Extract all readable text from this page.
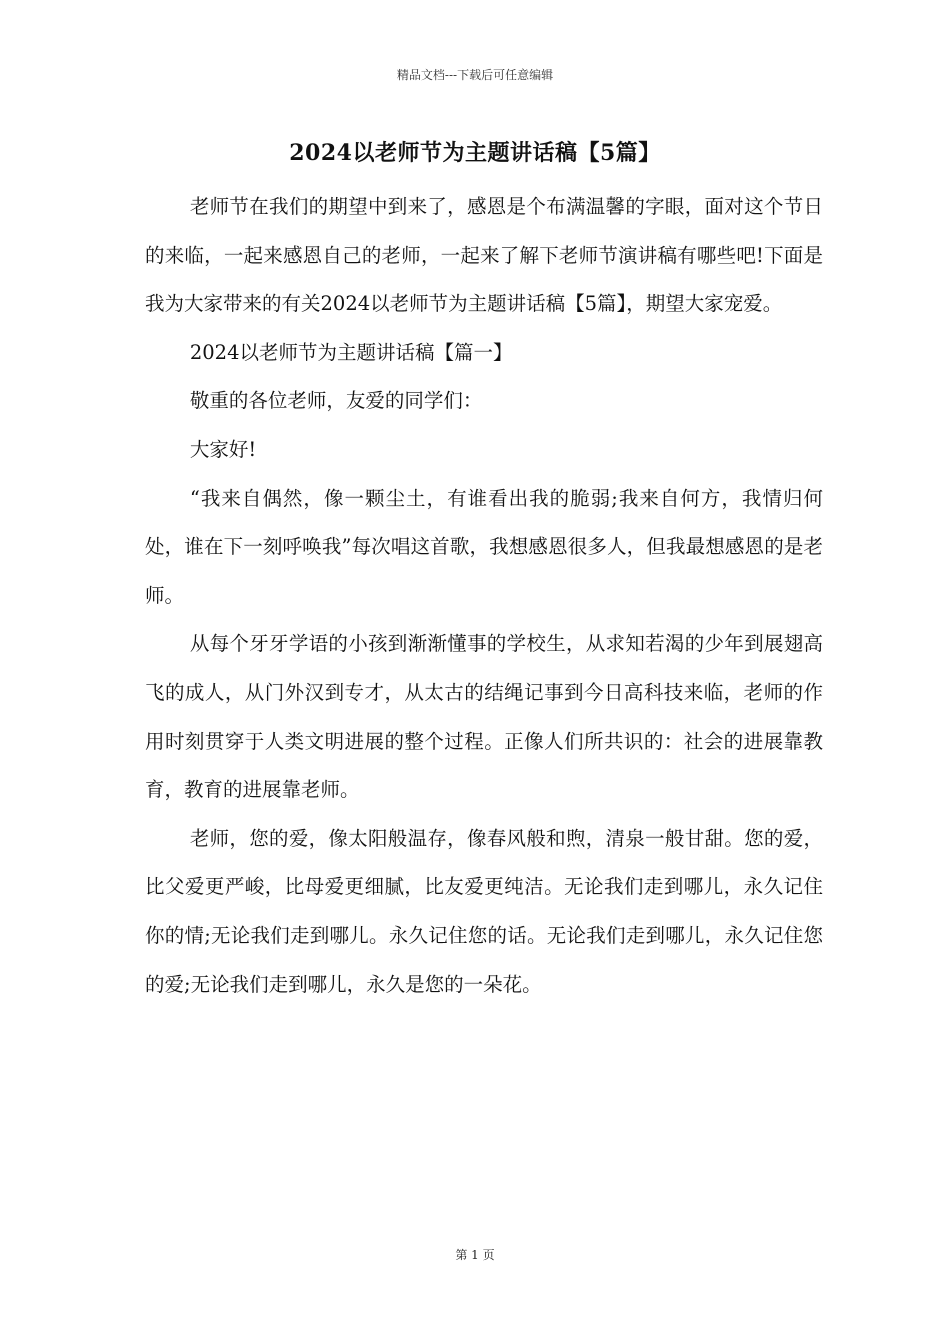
精品文档---下载后可任意编辑
2024以老师节为主题讲话稿【5篇】

老师节在我们的期望中到来了，感恩是个布满温馨的字眼，面对这个节日的来临，一起来感恩自己的老师，一起来了解下老师节演讲稿有哪些吧!下面是我为大家带来的有关2024以老师节为主题讲话稿【5篇】，期望大家宠爱。

2024以老师节为主题讲话稿【篇一】

敬重的各位老师，友爱的同学们：

大家好!

“我来自偶然，像一颗尘土，有谁看出我的脆弱;我来自何方，我情归何处，谁在下一刻呼唤我”每次唱这首歌，我想感恩很多人，但我最想感恩的是老师。

从每个牙牙学语的小孩到渐渐懂事的学校生，从求知若渴的少年到展翅高飞的成人，从门外汉到专才，从太古的结绳记事到今日高科技来临，老师的作用时刻贯穿于人类文明进展的整个过程。正像人们所共识的：社会的进展靠教育，教育的进展靠老师。

老师，您的爱，像太阳般温存，像春风般和煦，清泉一般甘甜。您的爱，比父爱更严峻，比母爱更细腻，比友爱更纯洁。无论我们走到哪儿，永久记住你的情;无论我们走到哪儿。永久记住您的话。无论我们走到哪儿，永久记住您的爱;无论我们走到哪儿，永久是您的一朵花。

第 1 页
